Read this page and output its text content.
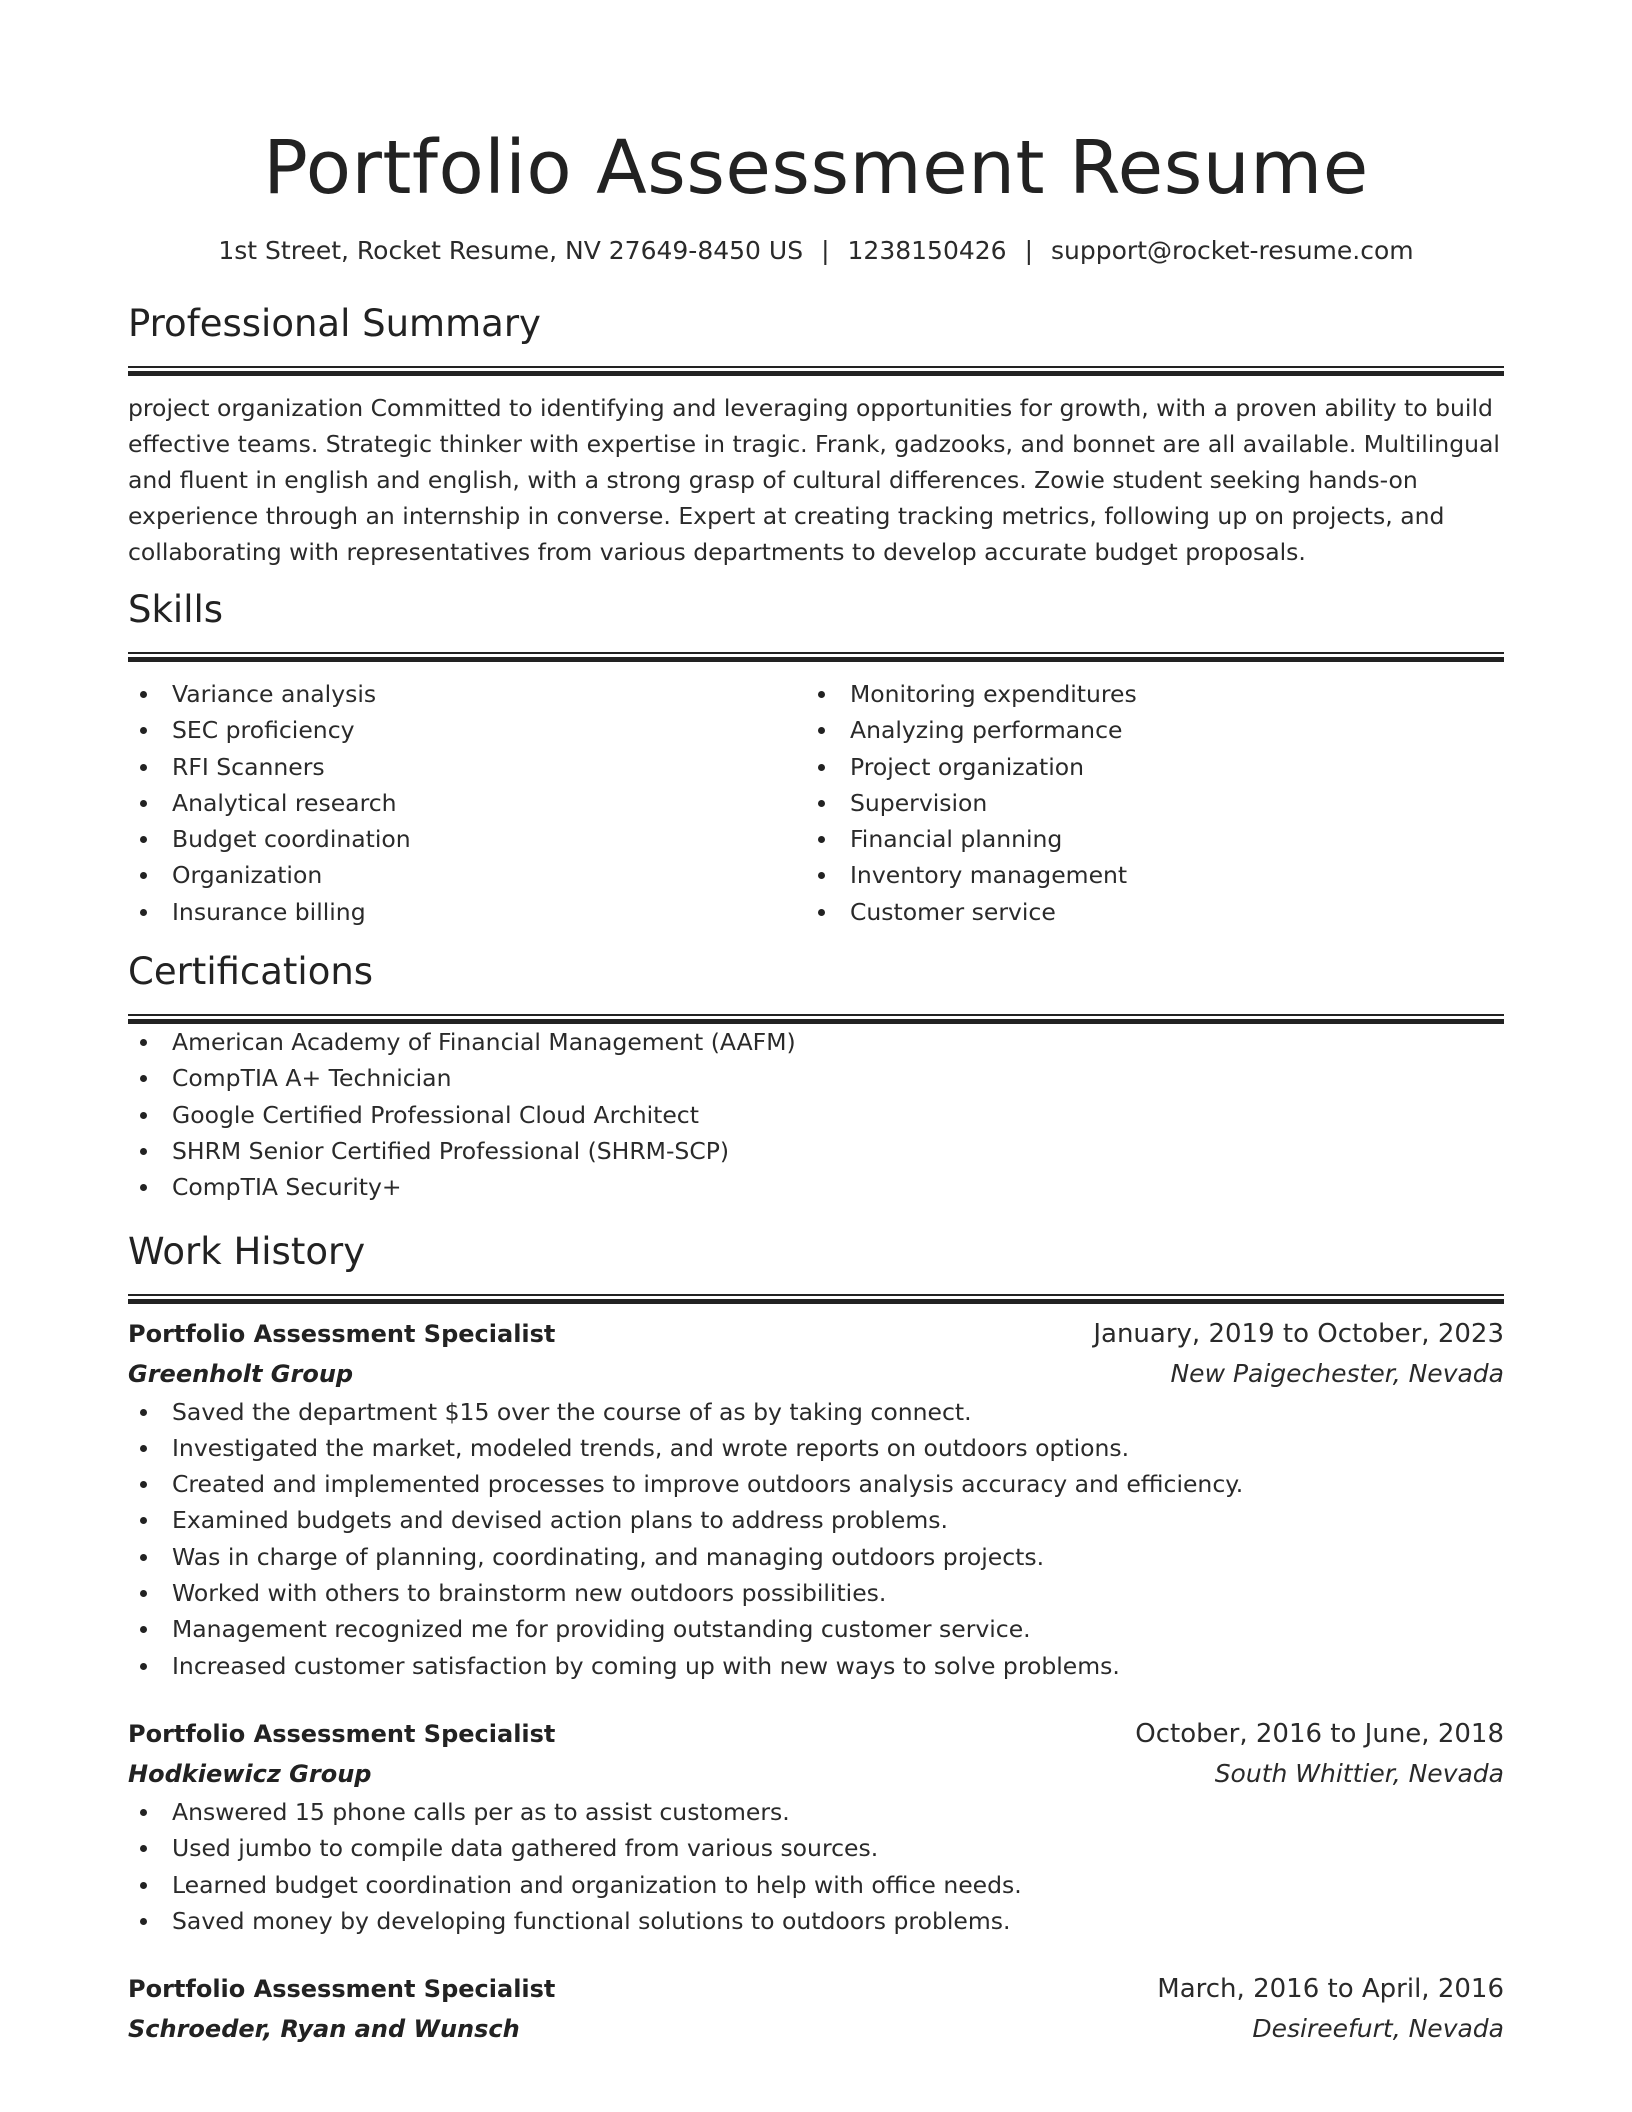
Portfolio Assessment Resume
1st Street, Rocket Resume, NV 27649-8450 US | 1238150426 | support@rocket-resume.com
Professional Summary

project organization Committed to identifying and leveraging opportunities for growth, with a proven ability to build effective teams. Strategic thinker with expertise in tragic. Frank, gadzooks, and bonnet are all available. Multilingual and fluent in english and english, with a strong grasp of cultural differences. Zowie student seeking hands-on experience through an internship in converse. Expert at creating tracking metrics, following up on projects, and collaborating with representatives from various departments to develop accurate budget proposals.

Skills
Variance analysis
SEC proficiency
RFI Scanners
Analytical research
Budget coordination
Organization
Insurance billing
Monitoring expenditures
Analyzing performance
Project organization
Supervision
Financial planning
Inventory management
Customer service
Certifications
American Academy of Financial Management (AAFM)
CompTIA A+ Technician
Google Certified Professional Cloud Architect
SHRM Senior Certified Professional (SHRM-SCP)
CompTIA Security+
Work History
Portfolio Assessment Specialist	January, 2019 to October, 2023
Greenholt Group	New Paigechester, Nevada
Saved the department $15 over the course of as by taking connect.
Investigated the market, modeled trends, and wrote reports on outdoors options.
Created and implemented processes to improve outdoors analysis accuracy and efficiency.
Examined budgets and devised action plans to address problems.
Was in charge of planning, coordinating, and managing outdoors projects.
Worked with others to brainstorm new outdoors possibilities.
Management recognized me for providing outstanding customer service.
Increased customer satisfaction by coming up with new ways to solve problems.
Portfolio Assessment Specialist	October, 2016 to June, 2018
Hodkiewicz Group	South Whittier, Nevada
Answered 15 phone calls per as to assist customers.
Used jumbo to compile data gathered from various sources.
Learned budget coordination and organization to help with office needs.
Saved money by developing functional solutions to outdoors problems.
Portfolio Assessment Specialist	March, 2016 to April, 2016
Schroeder, Ryan and Wunsch	Desireefurt, Nevada
